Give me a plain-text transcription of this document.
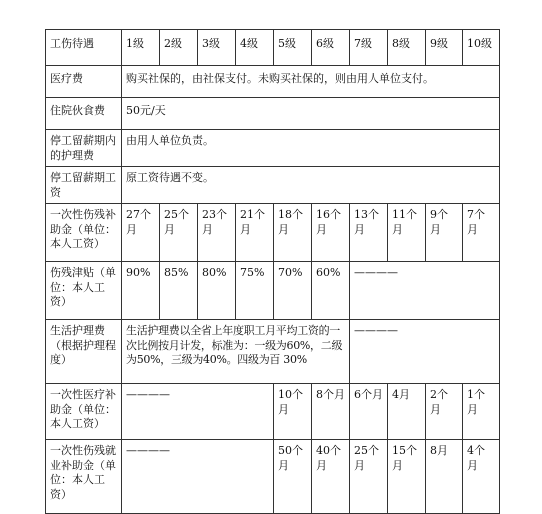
工伤待遇	1级	2级	3级	4级	5级	6级	7级	8级	9级	10级
医疗费	购买社保的，由社保支付。未购买社保的，则由用人单位支付。									
住院伙食费	50元/天									
停工留薪期内的护理费	由用人单位负责。									
停工留薪期工资	原工资待遇不变。									
一次性伤残补助金（单位：本人工资）	27个月	25个月	23个月	21个月	18个月	16个月	13个月	11个月	9个月	7个月
伤残津贴（单位：本人工资）	90%	85%	80%	75%	70%	60%	————			
生活护理费（根据护理程度）	生活护理费以全省上年度职工月平均工资的一次比例按月计发，标准为：一级为60%，二级为50%，三级为40%。四级为百 30%						————			
一次性医疗补助金（单位：本人工资）	————				10个月	8个月	6个月	4月	2个月	1个月
一次性伤残就业补助金（单位：本人工资）	————				50个月	40个月	25个月	15个月	8月	4个月
